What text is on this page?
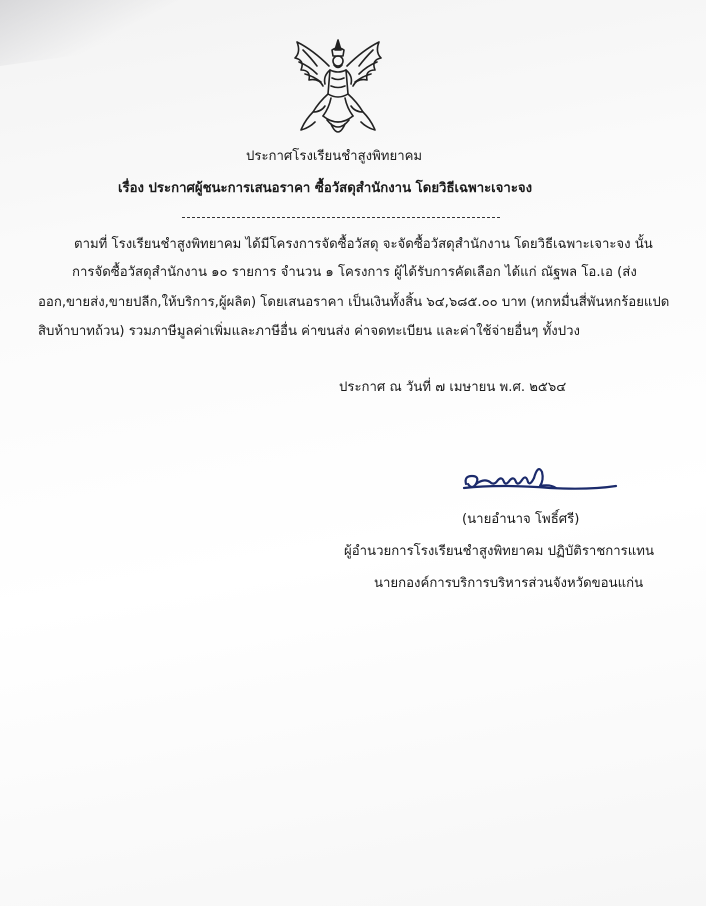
ประกาศโรงเรียนชำสูงพิทยาคม
เรื่อง ประกาศผู้ชนะการเสนอราคา ซื้อวัสดุสำนักงาน โดยวิธีเฉพาะเจาะจง
ตามที่ โรงเรียนชำสูงพิทยาคม ได้มีโครงการจัดซื้อวัสดุ จะจัดซื้อวัสดุสำนักงาน โดยวิธีเฉพาะเจาะจง นั้น
การจัดซื้อวัสดุสำนักงาน ๑๐ รายการ จำนวน ๑ โครงการ ผู้ได้รับการคัดเลือก ได้แก่ ณัฐพล โอ.เอ (ส่ง
ออก,ขายส่ง,ขายปลีก,ให้บริการ,ผู้ผลิต) โดยเสนอราคา เป็นเงินทั้งสิ้น ๖๔,๖๘๕.๐๐ บาท (หกหมื่นสี่พันหกร้อยแปด
สิบห้าบาทถ้วน) รวมภาษีมูลค่าเพิ่มและภาษีอื่น ค่าขนส่ง ค่าจดทะเบียน และค่าใช้จ่ายอื่นๆ ทั้งปวง
ประกาศ ณ วันที่ ๗ เมษายน พ.ศ. ๒๕๖๔
(นายอำนาจ โพธิ์ศรี)
ผู้อำนวยการโรงเรียนชำสูงพิทยาคม ปฏิบัติราชการแทน
นายกองค์การบริการบริหารส่วนจังหวัดขอนแก่น
